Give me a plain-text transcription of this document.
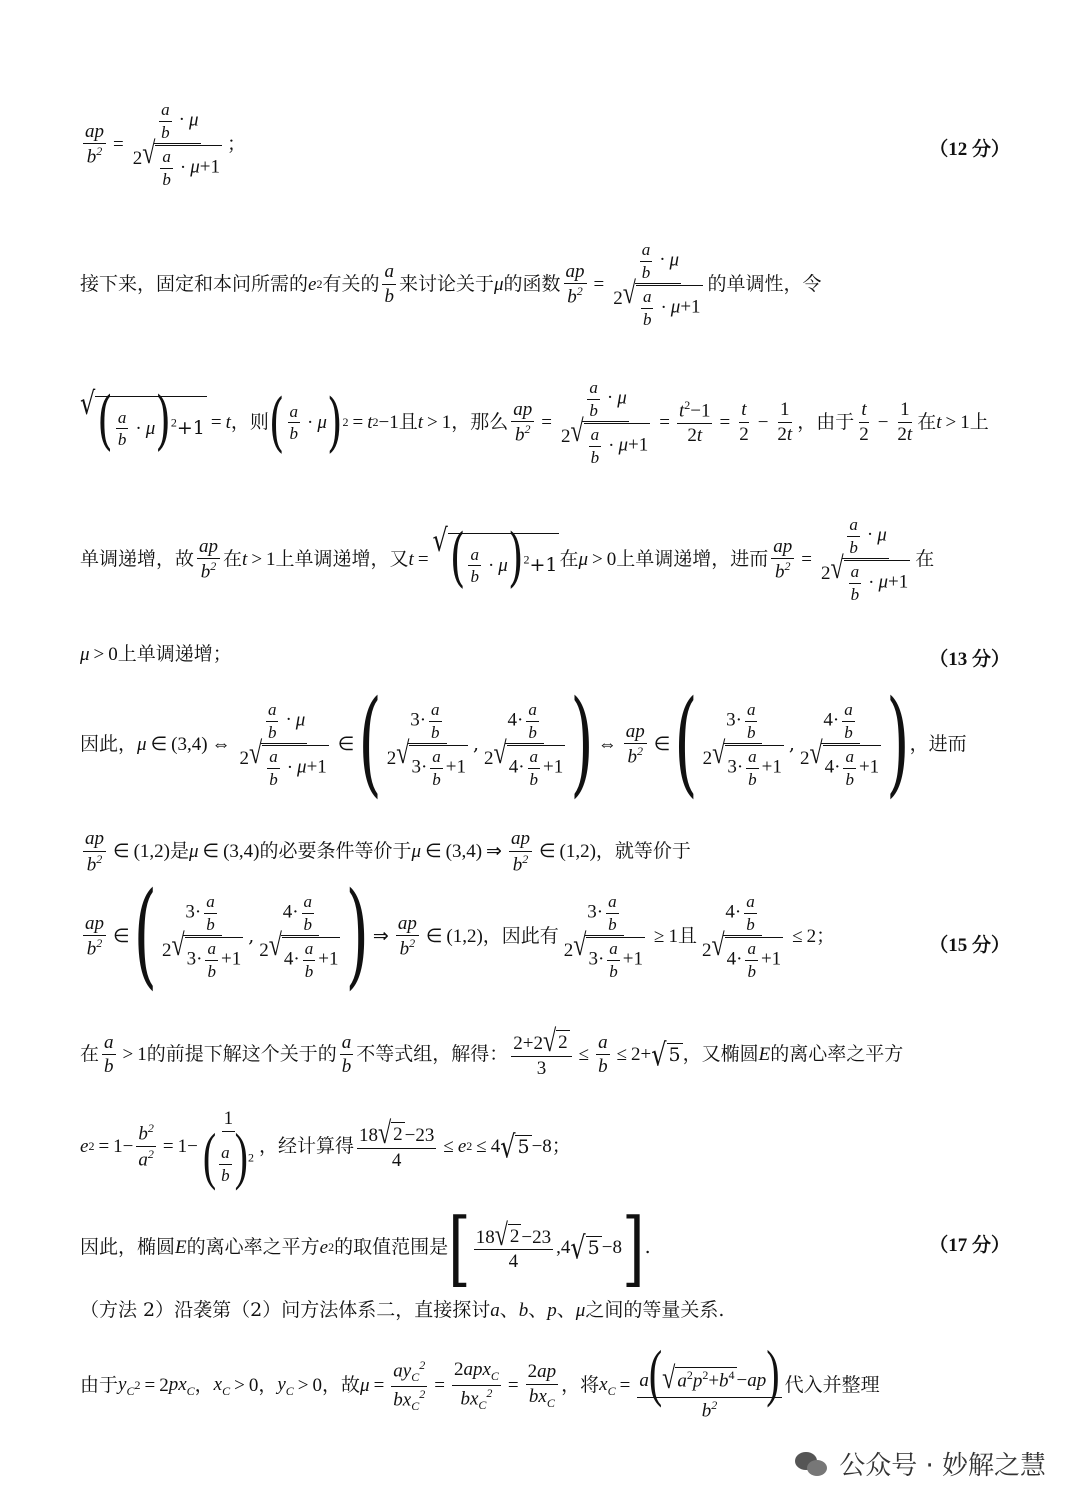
$\frac{ap}{b^2} = \frac{\frac{a}{b} \cdot \mu}{2 √ \frac{a}{b} \cdot \mu+1}$ ；	（12 分）
接下来，固定和本问所需的 e 2 有关的 $\frac{a}{b}$ 来讨论关于 μ 的函数 $\frac{ap}{b^2} = \frac{\frac{a}{b} \cdot \mu}{2 √ \frac{a}{b} \cdot \mu+1}$ 的单调性，令
√ ( $\frac{a}{b} \cdot \mu)^2+1 = t$ ，则 ( $\frac{a}{b} \cdot \mu$ ) 2 = t 2 −1 且 t > 1 ，那么 $\frac{ap}{b^2} = \frac{\frac{a}{b} \cdot \mu}{2 √ \frac{a}{b} \cdot \mu+1} = \frac{t^2-1}{2t} = \frac{t}{2} - \frac{1}{2t}$ ，由于 $\frac{t}{2} - \frac{1}{2t}$ 在 t > 1 上
单调递增，故 $\frac{ap}{b^2}$ 在 t > 1 上单调递增，又 t =
√ ( $\frac{a}{b} \cdot \mu)^2+1$ 在 μ > 0 上单调递增，进而 $\frac{ap}{b^2} = \frac{\frac{a}{b} \cdot \mu}{2 √ \frac{a}{b} \cdot \mu+1}$ 在
μ > 0 上单调递增；	（13 分）
因此， μ ∈ (3,4) ⇔ $\frac{\frac{a}{b} \cdot \mu}{2 √ \frac{a}{b} \cdot \mu+1}$ ∈ ( $\frac{3\cdot \frac{a}{b}}{2 √ 3\cdot \frac{a}{b} +1}$ , $\frac{4\cdot \frac{a}{b}}{2 √ 4\cdot \frac{a}{b} +1}$ ) ⇔ $\frac{ap}{b^2}$ ∈ ( $\frac{3\cdot \frac{a}{b}}{2 √ 3\cdot \frac{a}{b} +1}$ , $\frac{4\cdot \frac{a}{b}}{2 √ 4\cdot \frac{a}{b} +1}$ ) ，进而
$\frac{ap}{b^2}$ ∈ (1,2) 是 μ ∈ (3,4) 的必要条件等价于 μ ∈ (3,4) ⇒ $\frac{ap}{b^2}$ ∈ (1,2) ，就等价于
$\frac{ap}{b^2}$ ∈ ( $\frac{3\cdot \frac{a}{b}}{2 √ 3\cdot \frac{a}{b} +1}$ , $\frac{4\cdot \frac{a}{b}}{2 √ 4\cdot \frac{a}{b} +1}$ ) ⇒ $\frac{ap}{b^2}$ ∈ (1,2) ，因此有 $\frac{3\cdot \frac{a}{b}}{2 √ 3\cdot \frac{a}{b} +1} \ge 1$ 且 $\frac{4\cdot \frac{a}{b}}{2 √ 4\cdot \frac{a}{b} +1} \le 2$ ；	（15 分）
在 $\frac{a}{b} > 1$ 的前提下解这个关于的 $\frac{a}{b}$ 不等式组，解得： $\frac{2+2 √ 2}{3} \le \frac{a}{b} \le 2+$ √ 5 ，又椭圆 E 的离心率之平方
e $2 = 1- \frac{b^2}{a^2} = 1- \frac{1}{( \frac{a}{b} )^2}$ ，经计算得 $\frac{18 √ 2 -23}{4} \le e$ 2 ≤ 4 √ 5 −8 ；
因此，椭圆 E 的离心率之平方 e 2 的取值范围是 [ $\frac{18 √ 2 -23}{4} ,4$ √ 5 −8 ] .	（17 分）
（方法 2）沿袭第（2）问方法体系二，直接探讨 a 、 b 、 p 、 μ 之间的等量关系.
由于 $y_C$ 2 = 2 $px_C$ ， $x_C > 0$ ， $y_C > 0$ ，故 $\mu = \frac{ay_C^2}{bx_C^2} = \frac{2apx_C}{bx_C^2} = \frac{2ap}{bx_C}$ ，将 $x_C = \frac{a( √ a^2p^2+b^4 -ap)}{b^2}$ 代入并整理
公众号 · 妙解之慧
